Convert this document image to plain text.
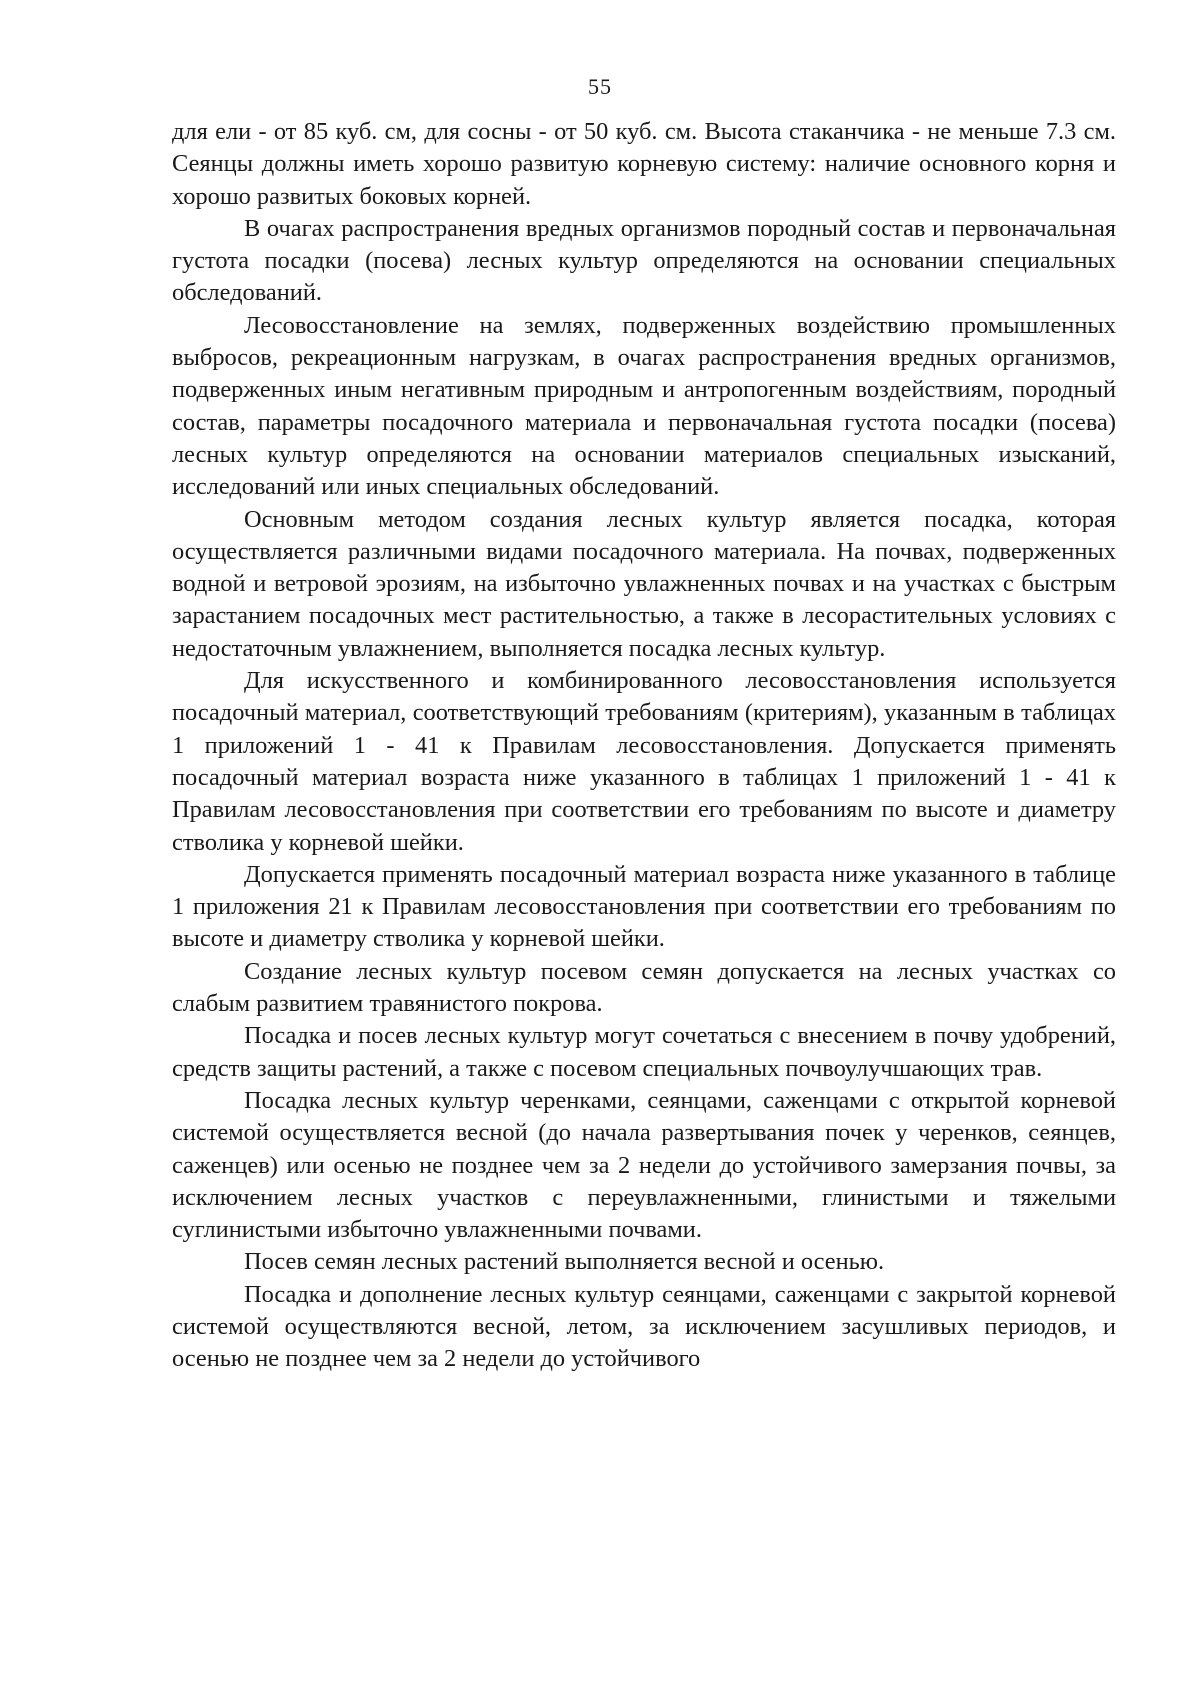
55

для ели - от 85 куб. см, для сосны - от 50 куб. см. Высота стаканчика - не меньше 7.3 см. Сеянцы должны иметь хорошо развитую корневую систему: наличие основного корня и хорошо развитых боковых корней.

В очагах распространения вредных организмов породный состав и первоначальная густота посадки (посева) лесных культур определяются на основании специальных обследований.

Лесовосстановление на землях, подверженных воздействию промышленных выбросов, рекреационным нагрузкам, в очагах распространения вредных организмов, подверженных иным негативным природным и антропогенным воздействиям, породный состав, параметры посадочного материала и первоначальная густота посадки (посева) лесных культур определяются на основании материалов специальных изысканий, исследований или иных специальных обследований.

Основным методом создания лесных культур является посадка, которая осуществляется различными видами посадочного материала. На почвах, подверженных водной и ветровой эрозиям, на избыточно увлажненных почвах и на участках с быстрым зарастанием посадочных мест растительностью, а также в лесорастительных условиях с недостаточным увлажнением, выполняется посадка лесных культур.

Для искусственного и комбинированного лесовосстановления используется посадочный материал, соответствующий требованиям (критериям), указанным в таблицах 1 приложений 1 - 41 к Правилам лесовосстановления. Допускается применять посадочный материал возраста ниже указанного в таблицах 1 приложений 1 - 41 к Правилам лесовосстановления при соответствии его требованиям по высоте и диаметру стволика у корневой шейки.

Допускается применять посадочный материал возраста ниже указанного в таблице 1 приложения 21 к Правилам лесовосстановления при соответствии его требованиям по высоте и диаметру стволика у корневой шейки.

Создание лесных культур посевом семян допускается на лесных участках со слабым развитием травянистого покрова.

Посадка и посев лесных культур могут сочетаться с внесением в почву удобрений, средств защиты растений, а также с посевом специальных почвоулучшающих трав.

Посадка лесных культур черенками, сеянцами, саженцами с открытой корневой системой осуществляется весной (до начала развертывания почек у черенков, сеянцев, саженцев) или осенью не позднее чем за 2 недели до устойчивого замерзания почвы, за исключением лесных участков с переувлажненными, глинистыми и тяжелыми суглинистыми избыточно увлажненными почвами.

Посев семян лесных растений выполняется весной и осенью.

Посадка и дополнение лесных культур сеянцами, саженцами с закрытой корневой системой осуществляются весной, летом, за исключением засушливых периодов, и осенью не позднее чем за 2 недели до устойчивого
